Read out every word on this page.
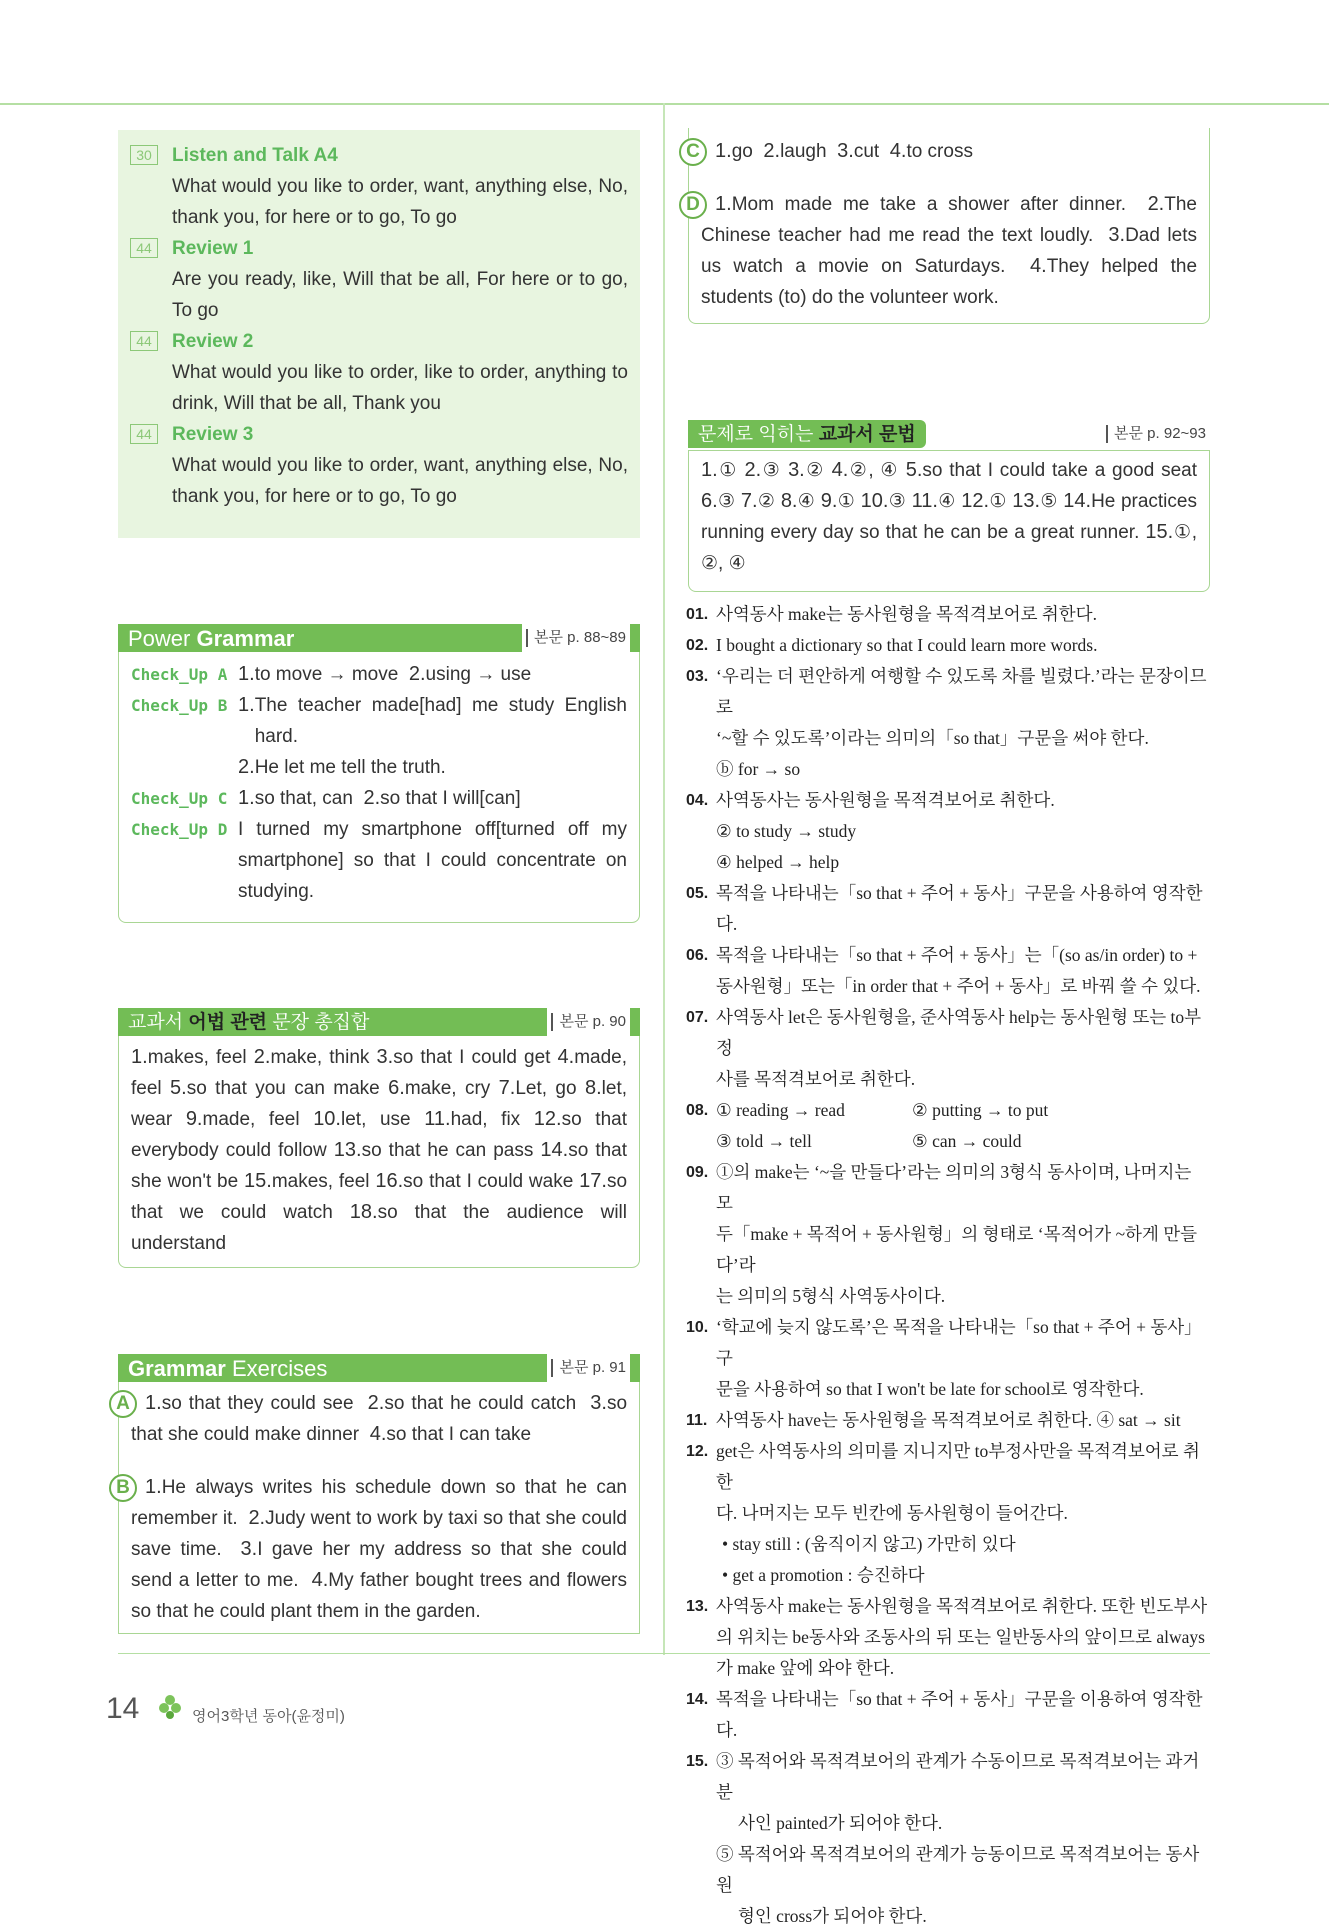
30	Listen and Talk A4
What would you like to order, want, anything else, No, thank you, for here or to go, To go
44	Review 1
Are you ready, like, Will that be all, For here or to go, To go
44	Review 2
What would you like to order, like to order, anything to drink, Will that be all, Thank you
44	Review 3
What would you like to order, want, anything else, No, thank you, for here or to go, To go
Power
Grammar	본문 p. 88~89
Check_Up A 1.to move → move 2.using → use
Check_Up B 1. The teacher made[had] me study English hard.
2.He let me tell the truth.
Check_Up C 1.so that, can 2.so that I will[can]
Check_Up D I turned my smartphone off[turned off my smartphone] so that I could concentrate on studying.
교과서
어법 관련
문장 총집합	본문 p. 90
1.makes, feel 2.make, think 3.so that I could get 4.made, feel 5.so that you can make 6.make, cry 7.Let, go 8.let, wear 9.made, feel 10.let, use 11.had, fix 12.so that everybody could follow 13.so that he can pass 14.so that she won't be 15.makes, feel 16.so that I could wake 17.so that we could watch 18.so that the audience will understand
Grammar
Exercises	본문 p. 91
A 1.so that they could see 2.so that he could catch 3.so that she could make dinner 4.so that I can take
B 1.He always writes his schedule down so that he can remember it. 2.Judy went to work by taxi so that she could save time. 3.I gave her my address so that she could send a letter to me. 4.My father bought trees and flowers so that he could plant them in the garden.
C 1.go 2.laugh 3.cut 4.to cross
D 1.Mom made me take a shower after dinner. 2.The Chinese teacher had me read the text loudly. 3.Dad lets us watch a movie on Saturdays. 4.They helped the students (to) do the volunteer work.
문제로 익히는
교과서 문법	본문 p. 92~93
1.① 2.③ 3.② 4.②, ④ 5.so that I could take a good seat 6.③ 7.② 8.④ 9.① 10.③ 11.④ 12.① 13.⑤ 14.He practices running every day so that he can be a great runner. 15.①, ②, ④
01. 사역동사 make는 동사원형을 목적격보어로 취한다.
02. I bought a dictionary so that I could learn more words.
03. ‘우리는 더 편안하게 여행할 수 있도록 차를 빌렸다.’라는 문장이므로
‘~할 수 있도록’이라는 의미의「so that」구문을 써야 한다.
ⓑ for → so
04. 사역동사는 동사원형을 목적격보어로 취한다.
② to study → study
④ helped → help
05. 목적을 나타내는「so that + 주어 + 동사」구문을 사용하여 영작한다.
06. 목적을 나타내는「so that + 주어 + 동사」는「(so as/in order) to +
동사원형」또는「in order that + 주어 + 동사」로 바꿔 쓸 수 있다.
07. 사역동사 let은 동사원형을, 준사역동사 help는 동사원형 또는 to부정
사를 목적격보어로 취한다.
08. ① reading → read	② putting → to put
③ told → tell	⑤ can → could
09. ①의 make는 ‘~을 만들다’라는 의미의 3형식 동사이며, 나머지는 모
두「make + 목적어 + 동사원형」의 형태로 ‘목적어가 ~하게 만들다’라
는 의미의 5형식 사역동사이다.
10. ‘학교에 늦지 않도록’은 목적을 나타내는「so that + 주어 + 동사」구
문을 사용하여 so that I won't be late for school로 영작한다.
11. 사역동사 have는 동사원형을 목적격보어로 취한다. ④ sat → sit
12. get은 사역동사의 의미를 지니지만 to부정사만을 목적격보어로 취한
다. 나머지는 모두 빈칸에 동사원형이 들어간다.
• stay still : (움직이지 않고) 가만히 있다
• get a promotion : 승진하다
13. 사역동사 make는 동사원형을 목적격보어로 취한다. 또한 빈도부사
의 위치는 be동사와 조동사의 뒤 또는 일반동사의 앞이므로 always
가 make 앞에 와야 한다.
14. 목적을 나타내는「so that + 주어 + 동사」구문을 이용하여 영작한다.
15. ③ 목적어와 목적격보어의 관계가 수동이므로 목적격보어는 과거분
사인 painted가 되어야 한다.
⑤ 목적어와 목적격보어의 관계가 능동이므로 목적격보어는 동사원
형인 cross가 되어야 한다.
14	영어3학년 동아(윤정미)
